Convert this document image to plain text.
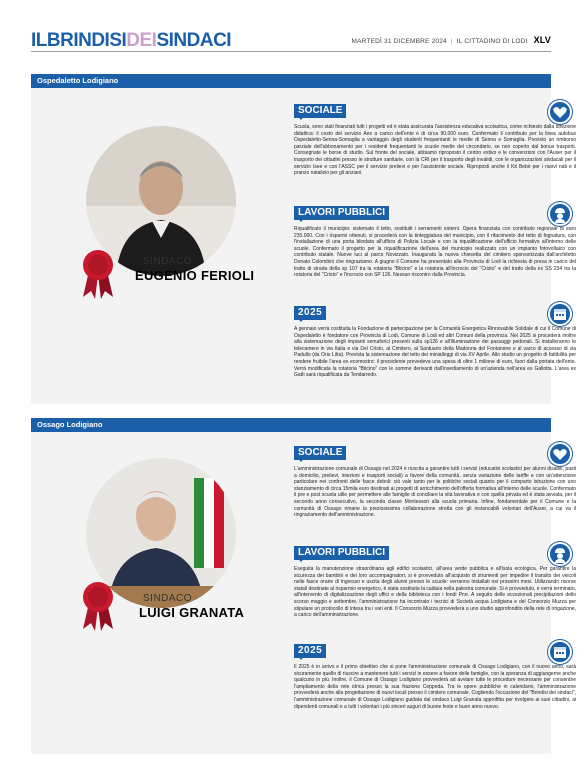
ILBRINDISIDEISINDACI	MARTEDÌ 31 DICEMBRE 2024 | IL CITTADINO DI LODI XLV
Ospedaletto Lodigiano
SINDACO
EUGENIO FERIOLI
SOCIALE
Scuola, sono stati finanziati tutti i progetti ed è stata assicurata l'assistenza educativa scolastica, come richiesto dalla direzione didattica: il costo del servizio Aes a carico dell'ente è di circa 90.000 euro. Confermato il contributo per la linea autobus Ospedaletto-Senna-Somaglia a vantaggio degli studenti frequentanti le medie di Senna e Somaglia. Previsto un rimborso parziale dell'abbonamento per i residenti frequentanti le scuole medie del circondario, se non coperto dal bonus trasporti. Consegnate le borse di studio. Sul fronte del sociale, abbiamo riproposto il centro estivo e le convenzioni con l'Auser per il trasporto dei cittadini presso le strutture sanitarie, con la CRI per il trasporto degli invalidi, con le organizzazioni sindacali per il servizio Isee e con l'ASSC per il servizio prelievi e per l'assistente sociale. Riproposti anche il Kit Bebè per i nuovi nati e il pranzo natalizio per gli anziani.
LAVORI PUBBLICI
Riqualificato il municipio: sistemato il tetto, sostituiti i serramenti esterni. Opera finanziata con contributo regionale di euro 235.000. Con i risparmi ottenuti, si procederà con la tinteggiatura del municipio, con il rifacimento del tetto di fognatura, con l'installazione di una porta blindata all'ufficio di Polizia Locale e con la riqualificazione dell'ufficio formativo all'interno delle scuole. Confermato il progetto per la riqualificazione dell'area del municipio realizzato con un impianto fotovoltaico con contributo statale. Nuove luci al parco Novizzato. Inaugurata la nuova chiesetta del cimitero sponsorizzata dall'architetto Donato Colombini che ringraziamo. A giugno il Comune ha presentato alla Provincia di Lodi la richiesta di presa in carico del tratto di strada della sp 107 tra la rotatoria "Bticino" e la rotatoria all'incrocio del "Cristo" e del tratto della ex SS 234 tra la rotatoria del "Cristo" e l'incrocio con SP 126. Nessun riscontro dalla Provincia.
2025
A gennaio verrà costituita la Fondazione di partecipazione per la Comunità Energetica Rinnovabile Solidale di cui il Comune di Ospedaletto è fondatore con Provincia di Lodi, Comune di Lodi ed altri Comuni della provincia. Nel 2025 si procederà inoltre alla sistemazione degli impianti semaforici presenti sulla sp126 e all'illuminazione dei passaggi pedonali. Si installeranno le telecamere in via Italia e via Del Cristo, al Cimitero, al Santuario della Madonna del Fontanone e al varco di accesso di via Padullo (da Orio Litta). Prevista la sistemazione del tetto dei minialloggi di via XV Aprile. Allo studio un progetto di fattibilità per rendere fruibile l'area ex ecomostro: il precedente prevedeva una spesa di oltre 1 milione di euro, fuori dalla portata dell'ente. Verrà modificata la rotatoria "Bticino" con le somme derivanti dall'insediamento di un'azienda nell'area ex Gallotta. L'area ex Gatti sarà riqualificata da Tendarredo.
Ossago Lodigiano
SINDACO
LUIGI GRANATA
SOCIALE
L'amministrazione comunale di Ossago nel 2024 è riuscita a garantire tutti i servizi (educativi scolastici per alunni disabili, pasti a domicilio, prelievi, iniezioni e trasporti sociali) a favore della comunità, senza variazione delle tariffe e con un'attenzione particolare nei confronti delle fasce deboli: ciò vale tanto per le politiche sociali quanto per il comparto istruzione con uno stanziamento di circa 15mila euro destinati ai progetti di arricchimento dell'offerta formativa all'interno delle scuole. Confermato il pre e post scuola utile per permettere alle famiglie di conciliare la vita lavorativa e con quella privata ed è stata avviata, per il secondo anno consecutivo, la seconda classe Montessori alla scuola primaria. Infine, fondamentale per il Comune e la comunità di Ossago rimane la preziosissima collaborazione stretta con gli instancabili volontari dell'Auser, a cui va il ringraziamento dell'amministrazione.
LAVORI PUBBLICI
Eseguita la manutenzione straordinaria agli edifici scolastici, all'area verde pubblica e all'isola ecologica. Per garantire la sicurezza dei bambini e dei loro accompagnatori, si è provveduto all'acquisto di strumenti per impedire il transito dei veicoli nelle fasce orarie di ingresso e uscita degli alunni presso le scuole: verranno installati nei prossimi mesi. Utilizzando risorse statali destinate al risparmio energetico, è stata sostituita la caldaia nella palestra comunale. Si è provveduto, e verrà terminato, all'intervento di digitalizzazione degli uffici e della biblioteca con i fondi Pnrr. A seguito delle eccezionali precipitazioni dello scorso maggio e settembre, l'amministrazione ha incontrato i tecnici di Società acqua Lodigiana e del Consorzio Muzza per stipulare un protocollo di intesa tra i vari enti. Il Consorzio Muzza provvederà a uno studio approfondito della rete di irrigazione, a carico dell'amministrazione.
2025
Il 2025 è in arrivo e il primo obiettivo che si pone l'amministrazione comunale di Ossago Lodigiano, con il nuovo anno, sarà sicuramente quello di riuscire a mantenere tutti i servizi in essere a favore delle famiglie, con la speranza di aggiungerne anche qualcuno in più. Inoltre, il Comune di Ossago Lodigiano provvederà ad avviare tutte le procedure necessarie per consentire l'ampliamento della rete idrica presso la sua frazione Ceppeda. Tra le opere pubbliche in calendario, l'amministrazione provvederà anche alla progettazione di nuovi loculi presso il cimitero comunale. Cogliendo l'occasione del "Brindisi dei sindaci", l'amministrazione comunale di Ossago Lodigiano guidata dal sindaco Luigi Granata approfitta per rivolgere ai suoi cittadini, ai dipendenti comunali e a tutti i volontari i più sinceri auguri di buone feste e buon anno nuovo.
